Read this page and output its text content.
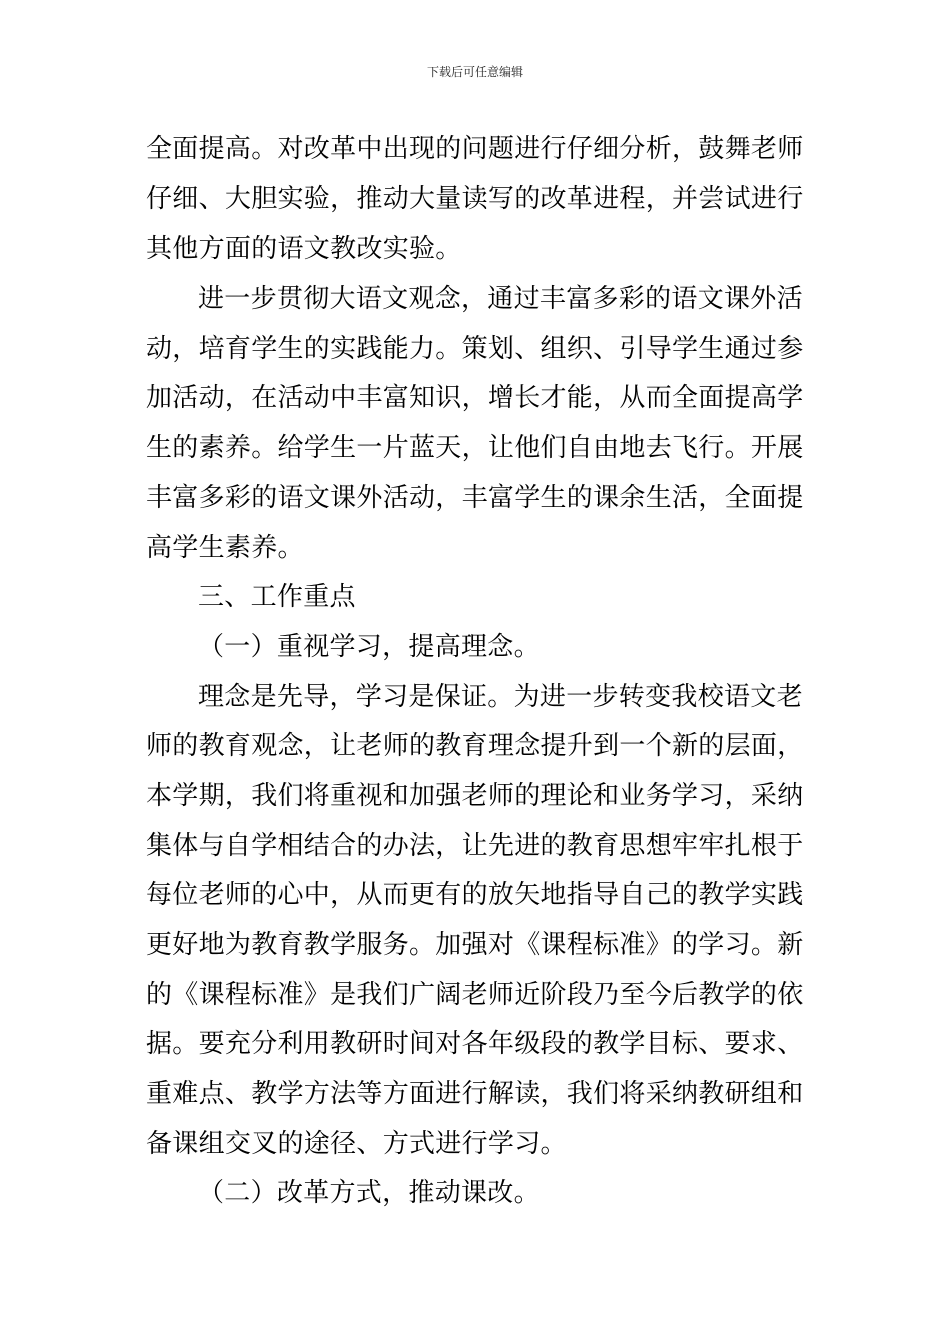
下载后可任意编辑
全面提高。对改革中出现的问题进行仔细分析，鼓舞老师
仔细、大胆实验，推动大量读写的改革进程，并尝试进行
其他方面的语文教改实验。
进一步贯彻大语文观念，通过丰富多彩的语文课外活
动，培育学生的实践能力。策划、组织、引导学生通过参
加活动，在活动中丰富知识，增长才能，从而全面提高学
生的素养。给学生一片蓝天，让他们自由地去飞行。开展
丰富多彩的语文课外活动，丰富学生的课余生活，全面提
高学生素养。
三、工作重点
（一）重视学习，提高理念。
理念是先导，学习是保证。为进一步转变我校语文老
师的教育观念，让老师的教育理念提升到一个新的层面，
本学期，我们将重视和加强老师的理论和业务学习，采纳
集体与自学相结合的办法，让先进的教育思想牢牢扎根于
每位老师的心中，从而更有的放矢地指导自己的教学实践
更好地为教育教学服务。加强对《课程标准》的学习。新
的《课程标准》是我们广阔老师近阶段乃至今后教学的依
据。要充分利用教研时间对各年级段的教学目标、要求、
重难点、教学方法等方面进行解读，我们将采纳教研组和
备课组交叉的途径、方式进行学习。
（二）改革方式，推动课改。
